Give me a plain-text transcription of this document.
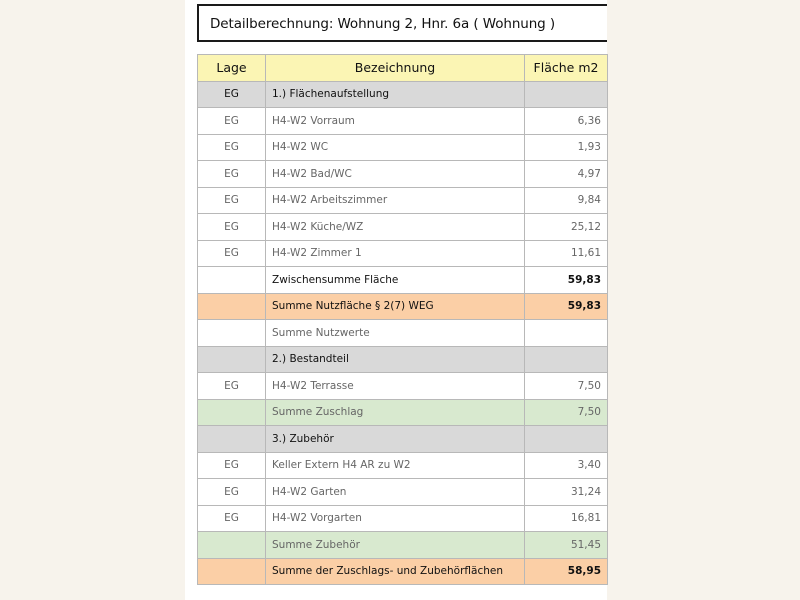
Detailberechnung: Wohnung 2, Hnr. 6a ( Wohnung )
Lage	Bezeichnung	Fläche m2
EG	1.) Flächenaufstellung	
EG	H4-W2 Vorraum	6,36
EG	H4-W2 WC	1,93
EG	H4-W2 Bad/WC	4,97
EG	H4-W2 Arbeitszimmer	9,84
EG	H4-W2 Küche/WZ	25,12
EG	H4-W2 Zimmer 1	11,61
	Zwischensumme Fläche	59,83
	Summe Nutzfläche § 2(7) WEG	59,83
	Summe Nutzwerte	
	2.) Bestandteil	
EG	H4-W2 Terrasse	7,50
	Summe Zuschlag	7,50
	3.) Zubehör	
EG	Keller Extern H4 AR zu W2	3,40
EG	H4-W2 Garten	31,24
EG	H4-W2 Vorgarten	16,81
	Summe Zubehör	51,45
	Summe der Zuschlags- und Zubehörflächen	58,95
